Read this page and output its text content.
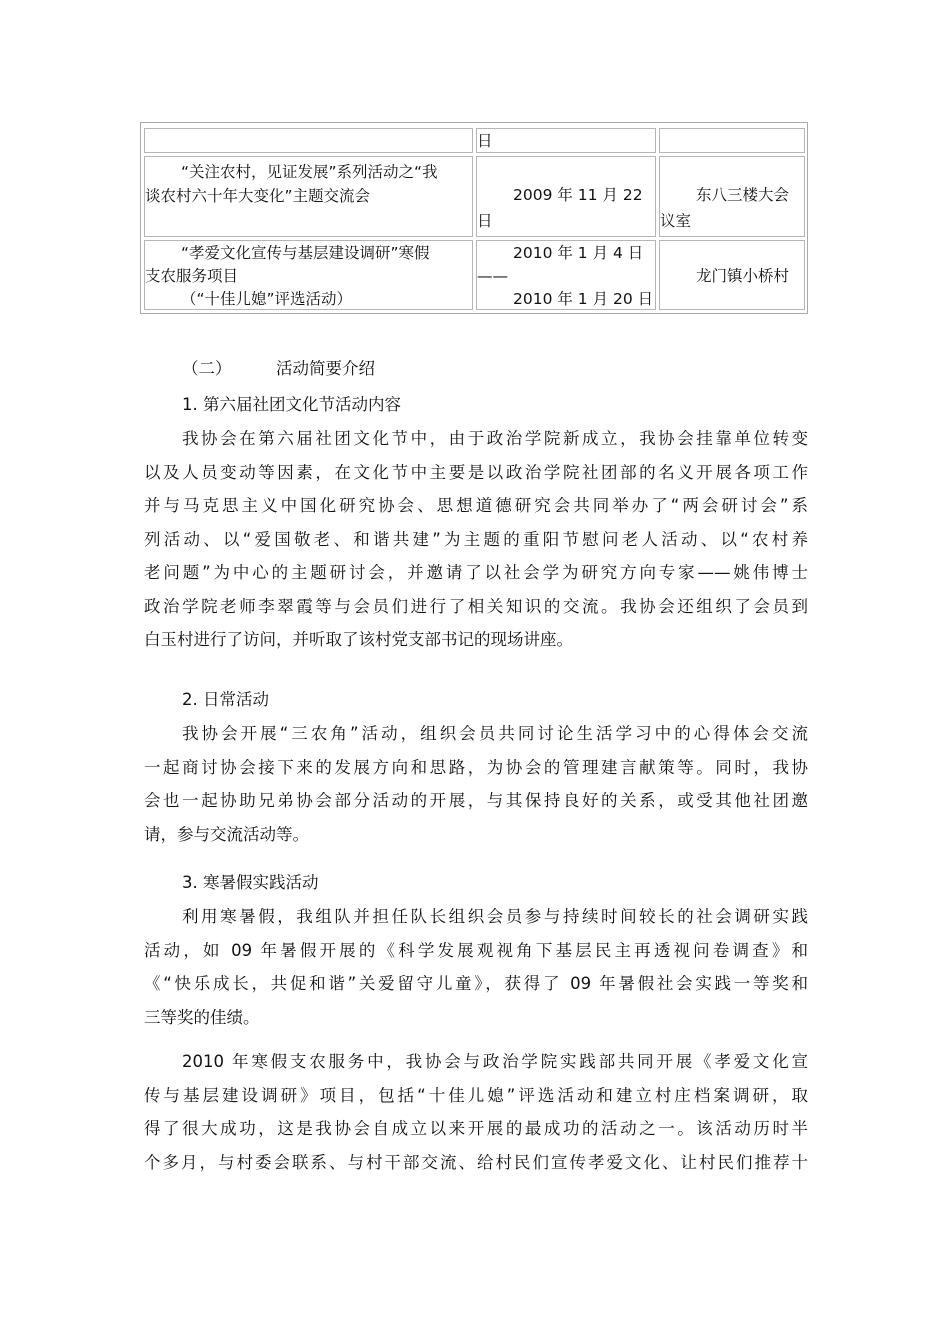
日
“关注农村，见证发展”系列活动之“我
谈农村六十年大变化”主题交流会	2009 年 11 月 22
日
东八三楼大会
议室
“孝爱文化宣传与基层建设调研”寒假
支农服务项目
（“十佳儿媳”评选活动）
2010 年 1 月 4 日
——
2010 年 1 月 20 日
龙门镇小桥村
（二）	活动简要介绍
1. 第六届社团文化节活动内容
我协会在第六届社团文化节中，由于政治学院新成立，我协会挂靠单位转变
以及人员变动等因素，在文化节中主要是以政治学院社团部的名义开展各项工作
并与马克思主义中国化研究协会、思想道德研究会共同举办了“两会研讨会”系
列活动、以“爱国敬老、和谐共建”为主题的重阳节慰问老人活动、以“农村养
老问题”为中心的主题研讨会，并邀请了以社会学为研究方向专家——姚伟博士
政治学院老师李翠霞等与会员们进行了相关知识的交流。我协会还组织了会员到
白玉村进行了访问，并听取了该村党支部书记的现场讲座。
2. 日常活动
我协会开展“三农角”活动，组织会员共同讨论生活学习中的心得体会交流
一起商讨协会接下来的发展方向和思路，为协会的管理建言献策等。同时，我协
会也一起协助兄弟协会部分活动的开展，与其保持良好的关系，或受其他社团邀
请，参与交流活动等。
3. 寒暑假实践活动
利用寒暑假，我组队并担任队长组织会员参与持续时间较长的社会调研实践
活动，如 09 年暑假开展的《科学发展观视角下基层民主再透视问卷调查》和
《“快乐成长，共促和谐”关爱留守儿童》，获得了 09 年暑假社会实践一等奖和
三等奖的佳绩。
2010 年寒假支农服务中，我协会与政治学院实践部共同开展《孝爱文化宣
传与基层建设调研》项目，包括“十佳儿媳”评选活动和建立村庄档案调研，取
得了很大成功，这是我协会自成立以来开展的最成功的活动之一。该活动历时半
个多月，与村委会联系、与村干部交流、给村民们宣传孝爱文化、让村民们推荐十
